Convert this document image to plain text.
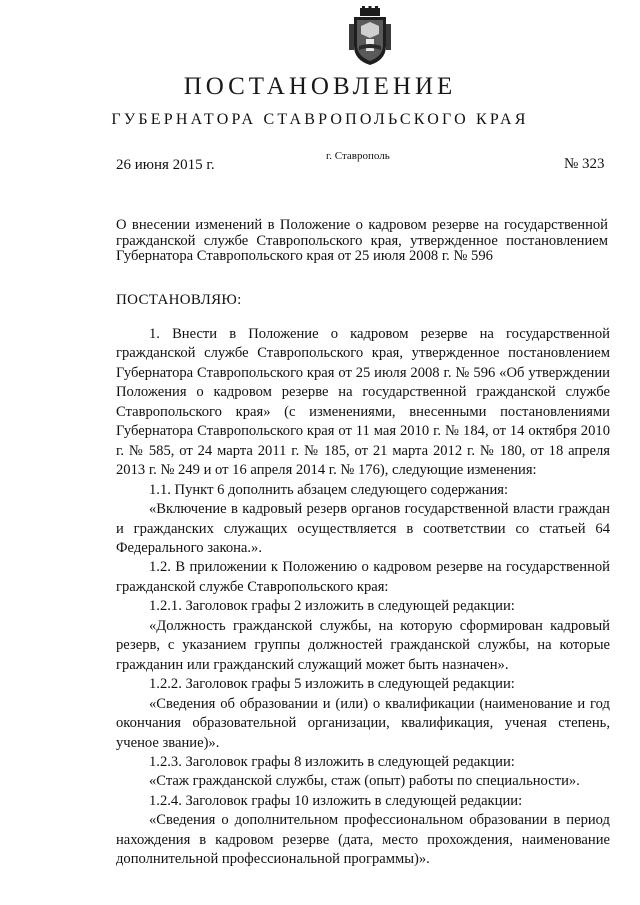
ПОСТАНОВЛЕНИЕ
ГУБЕРНАТОРА СТАВРОПОЛЬСКОГО КРАЯ
26 июня 2015 г.
г. Ставрополь	№ 323
О внесении изменений в Положение о кадровом резерве на государственной
гражданской службе Ставропольского края, утвержденное постановлением
Губернатора Ставропольского края от 25 июля 2008 г. № 596
ПОСТАНОВЛЯЮ:

1. Внести в Положение о кадровом резерве на государственной гражданской службе Ставропольского края, утвержденное постановлением Губернатора Ставропольского края от 25 июля 2008 г. № 596 «Об утверждении Положения о кадровом резерве на государственной гражданской службе Ставропольского края» (с изменениями, внесенными постановлениями Губернатора Ставропольского края от 11 мая 2010 г. № 184, от 14 октября 2010 г. № 585, от 24 марта 2011 г. № 185, от 21 марта 2012 г. № 180, от 18 апреля 2013 г. № 249 и от 16 апреля 2014 г. № 176), следующие изменения:

1.1. Пункт 6 дополнить абзацем следующего содержания:

«Включение в кадровый резерв органов государственной власти граждан и гражданских служащих осуществляется в соответствии со статьей 64 Федерального закона.».

1.2. В приложении к Положению о кадровом резерве на государственной гражданской службе Ставропольского края:

1.2.1. Заголовок графы 2 изложить в следующей редакции:

«Должность гражданской службы, на которую сформирован кадровый резерв, с указанием группы должностей гражданской службы, на которые гражданин или гражданский служащий может быть назначен».

1.2.2. Заголовок графы 5 изложить в следующей редакции:

«Сведения об образовании и (или) о квалификации (наименование и год окончания образовательной организации, квалификация, ученая степень, ученое звание)».

1.2.3. Заголовок графы 8 изложить в следующей редакции:

«Стаж гражданской службы, стаж (опыт) работы по специальности».

1.2.4. Заголовок графы 10 изложить в следующей редакции:

«Сведения о дополнительном профессиональном образовании в период нахождения в кадровом резерве (дата, место прохождения, наименование дополнительной профессиональной программы)».
